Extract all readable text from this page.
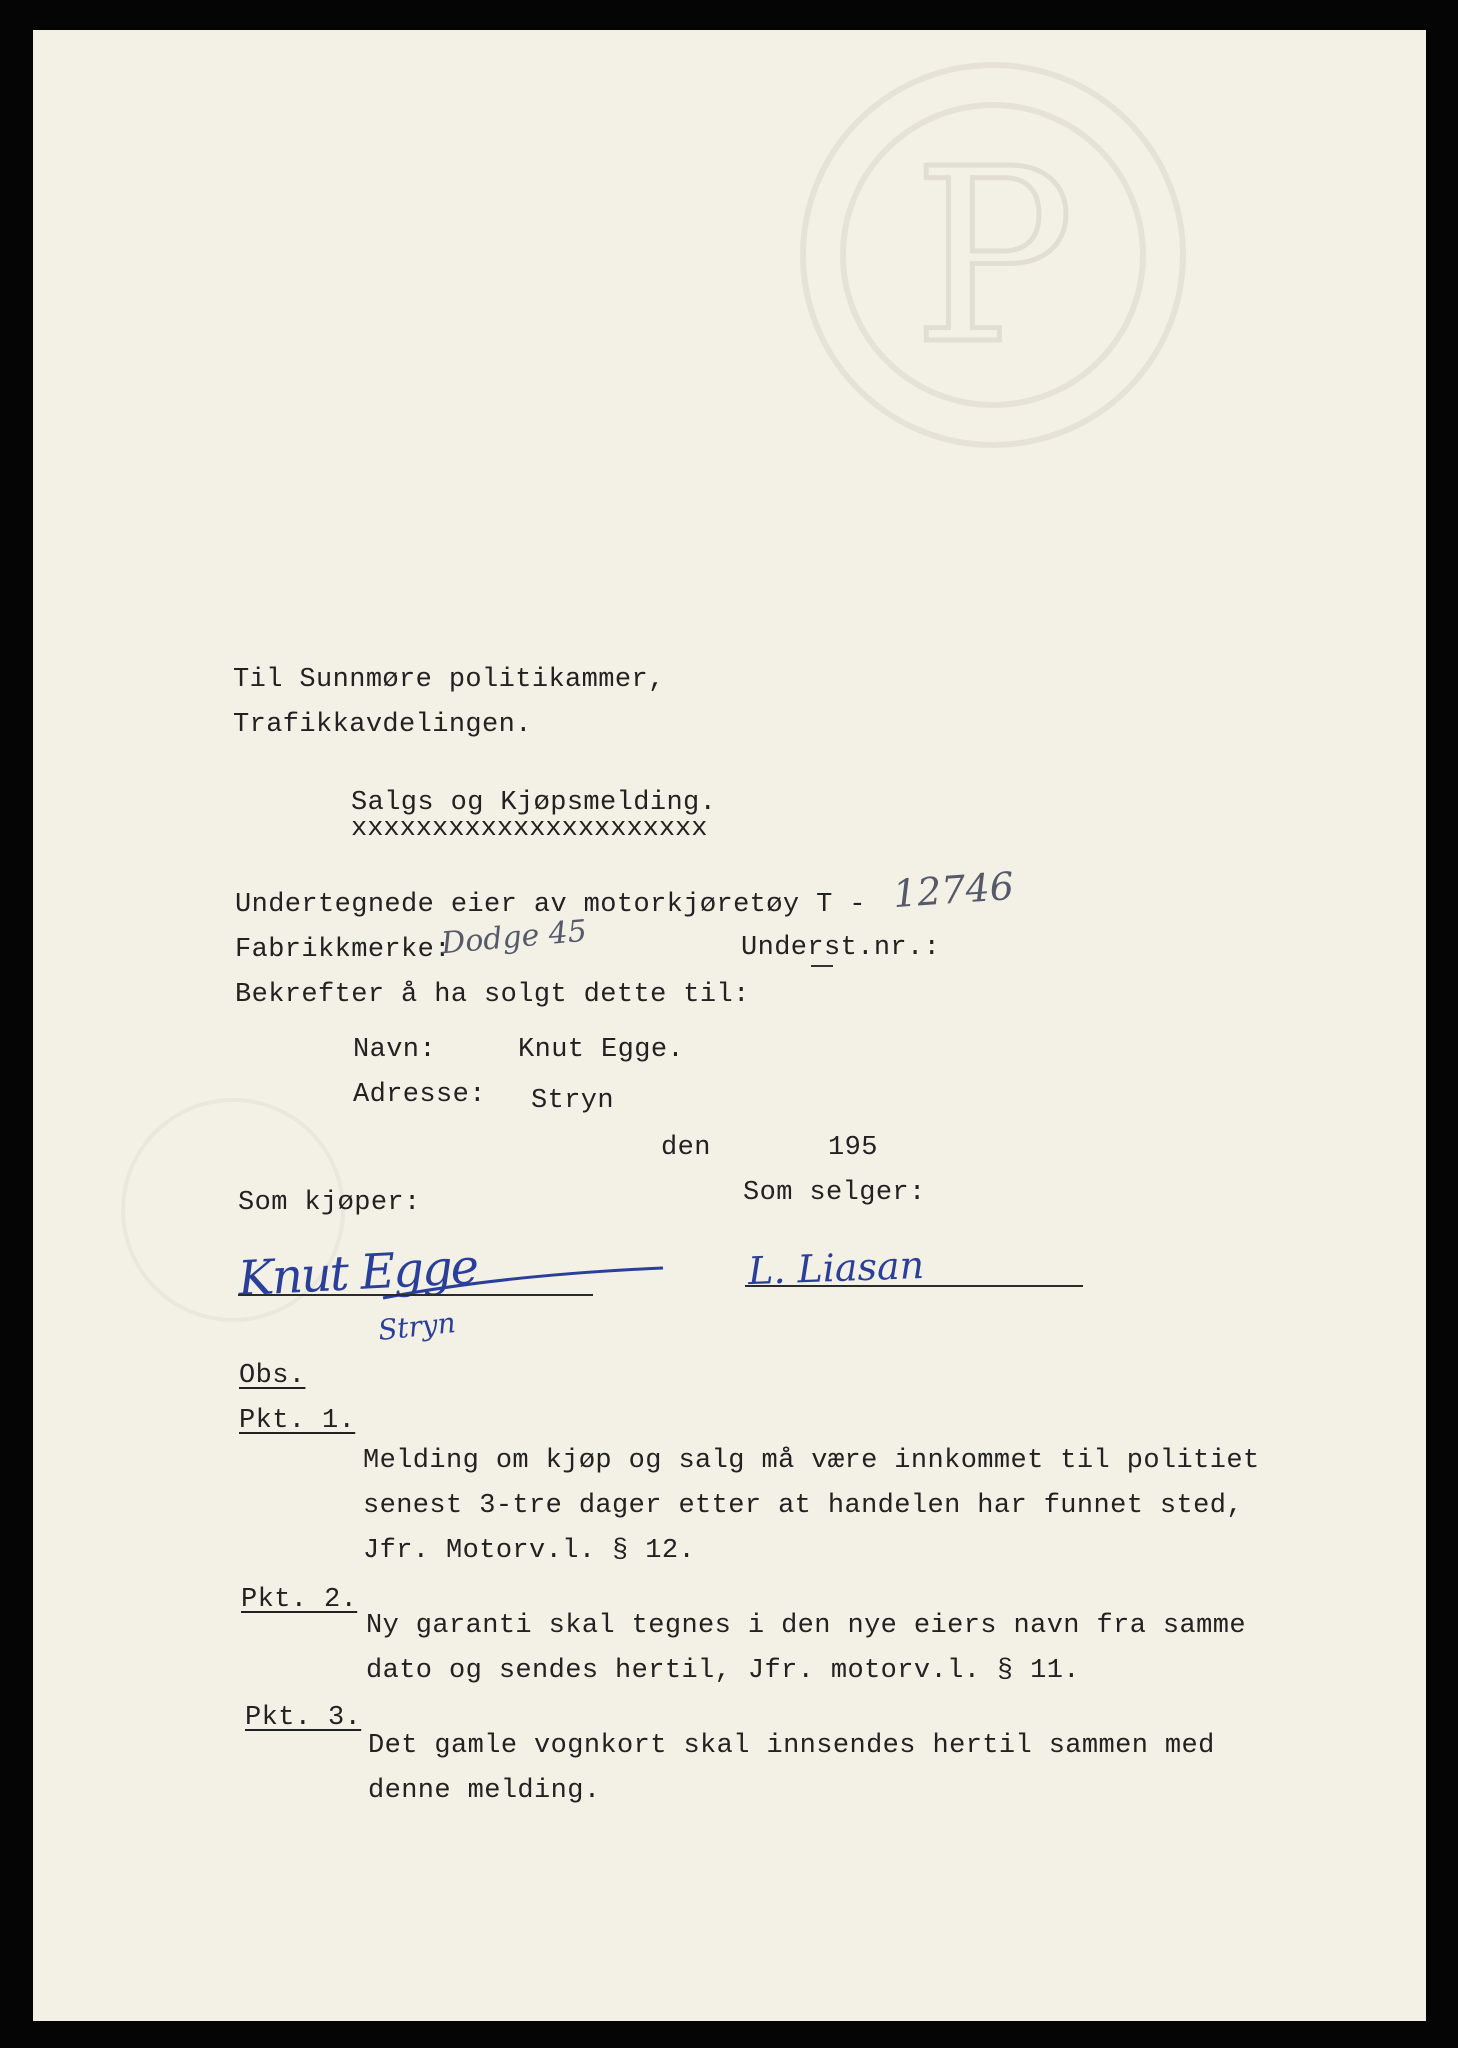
P
Til Sunnmøre politikammer,
Trafikkavdelingen.
Salgs og Kjøpsmelding.
xxxxxxxxxxxxxxxxxxxxxx
Undertegnede eier av motorkjøretøy T - 12746
Fabrikkmerke:
Dodge 45	Underst.nr.:
Bekrefter å ha solgt dette til:
Navn:	Knut Egge.
Adresse: Stryn
den	195
Som kjøper:	Som selger:
Knut Egge
Stryn
L. Liasan
Obs.
Pkt. 1.
Melding om kjøp og salg må være innkommet til politiet
senest 3-tre dager etter at handelen har funnet sted,
Jfr. Motorv.l. § 12.
Pkt. 2.
Ny garanti skal tegnes i den nye eiers navn fra samme
dato og sendes hertil, Jfr. motorv.l. § 11.
Pkt. 3.
Det gamle vognkort skal innsendes hertil sammen med
denne melding.
